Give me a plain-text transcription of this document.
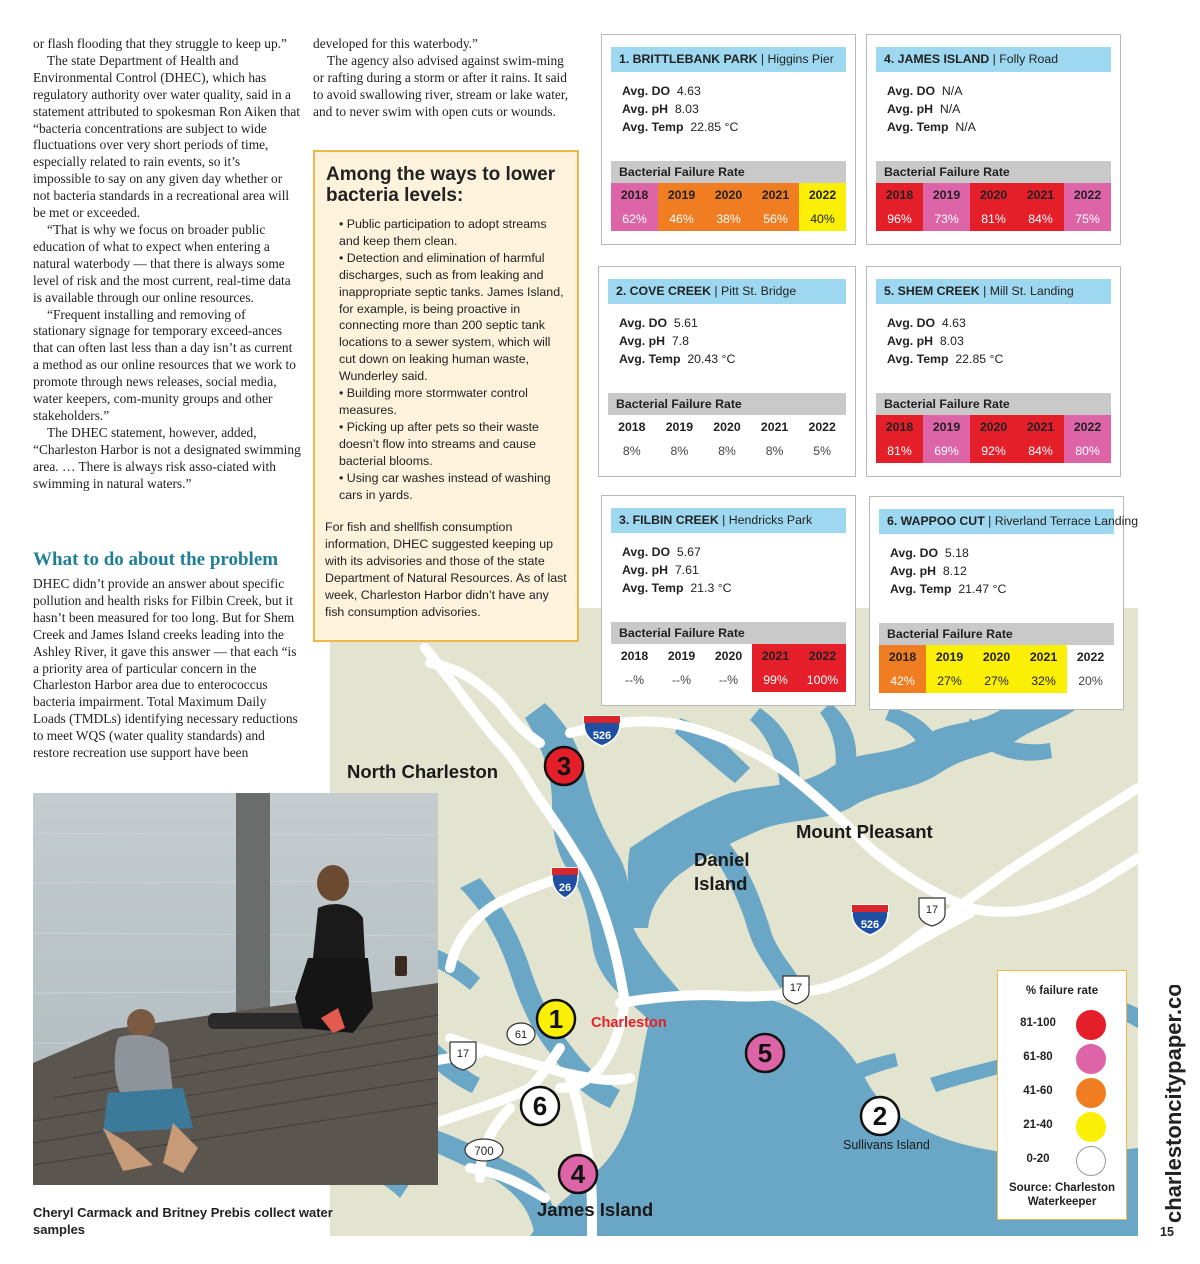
or flash flooding that they struggle to keep up.”

The state Department of Health and Environmental Control (DHEC), which has regulatory authority over water quality, said in a statement attributed to spokesman Ron Aiken that “bacteria concentrations are subject to wide fluctuations over very short periods of time, especially related to rain events, so it’s impossible to say on any given day whether or not bacteria standards in a recreational area will be met or exceeded.

“That is why we focus on broader public education of what to expect when entering a natural waterbody — that there is always some level of risk and the most current, real-time data is available through our online resources.

“Frequent installing and removing of stationary signage for temporary exceed-ances that can often last less than a day isn’t as current a method as our online resources that we work to promote through news releases, social media, water keepers, com-munity groups and other stakeholders.”

The DHEC statement, however, added, “Charleston Harbor is not a designated swimming area. … There is always risk asso-ciated with swimming in natural waters.”

What to do about the problem

DHEC didn’t provide an answer about specific pollution and health risks for Filbin Creek, but it hasn’t been measured for too long. But for Shem Creek and James Island creeks leading into the Ashley River, it gave this answer — that each “is a priority area of particular concern in the Charleston Harbor area due to enterococcus bacteria impairment. Total Maximum Daily Loads (TMDLs) identifying necessary reductions to meet WQS (water quality standards) and restore recreation use support have been

developed for this waterbody.”

The agency also advised against swim-ming or rafting during a storm or after it rains. It said to avoid swallowing river, stream or lake water, and to never swim with open cuts or wounds.

526
26
526
17
17
17
61
700
North Charleston
Mount Pleasant
Daniel
Island
Charleston
Sullivans Island
James Island
1
2
3
4
5
6
Among the ways to lower bacteria levels:
• Public participation to adopt streams and keep them clean.
• Detection and elimination of harmful discharges, such as from leaking and inappropriate septic tanks. James Island, for example, is being proactive in connecting more than 200 septic tank locations to a sewer system, which will cut down on leaking human waste, Wunderley said.
• Building more stormwater control measures.
• Picking up after pets so their waste doesn’t flow into streams and cause bacterial blooms.
• Using car washes instead of washing cars in yards.
For fish and shellfish consumption information, DHEC suggested keeping up with its advisories and those of the state Department of Natural Resources. As of last week, Charleston Harbor didn’t have any fish consumption advisories.
1. BRITTLEBANK PARK | Higgins Pier
Avg. DO 4.63
Avg. pH 8.03
Avg. Temp 22.85 °C
Bacterial Failure Rate
2018
62%
2019
46%
2020
38%
2021
56%
2022
40%
4. JAMES ISLAND | Folly Road
Avg. DO N/A
Avg. pH N/A
Avg. Temp N/A
Bacterial Failure Rate
2018
96%
2019
73%
2020
81%
2021
84%
2022
75%
2. COVE CREEK | Pitt St. Bridge
Avg. DO 5.61
Avg. pH 7.8
Avg. Temp 20.43 °C
Bacterial Failure Rate
2018
8%
2019
8%
2020
8%
2021
8%
2022
5%
5. SHEM CREEK | Mill St. Landing
Avg. DO 4.63
Avg. pH 8.03
Avg. Temp 22.85 °C
Bacterial Failure Rate
2018
81%
2019
69%
2020
92%
2021
84%
2022
80%
3. FILBIN CREEK | Hendricks Park
Avg. DO 5.67
Avg. pH 7.61
Avg. Temp 21.3 °C
Bacterial Failure Rate
2018
--%
2019
--%
2020
--%
2021
99%
2022
100%
6. WAPPOO CUT | Riverland Terrace Landing
Avg. DO 5.18
Avg. pH 8.12
Avg. Temp 21.47 °C
Bacterial Failure Rate
2018
42%
2019
27%
2020
27%
2021
32%
2022
20%
Cheryl Carmack and Britney Prebis collect water samples
% failure rate
81-100
61-80
41-60
21-40
0-20
Source: Charleston Waterkeeper	charlestoncitypaper.com
15
